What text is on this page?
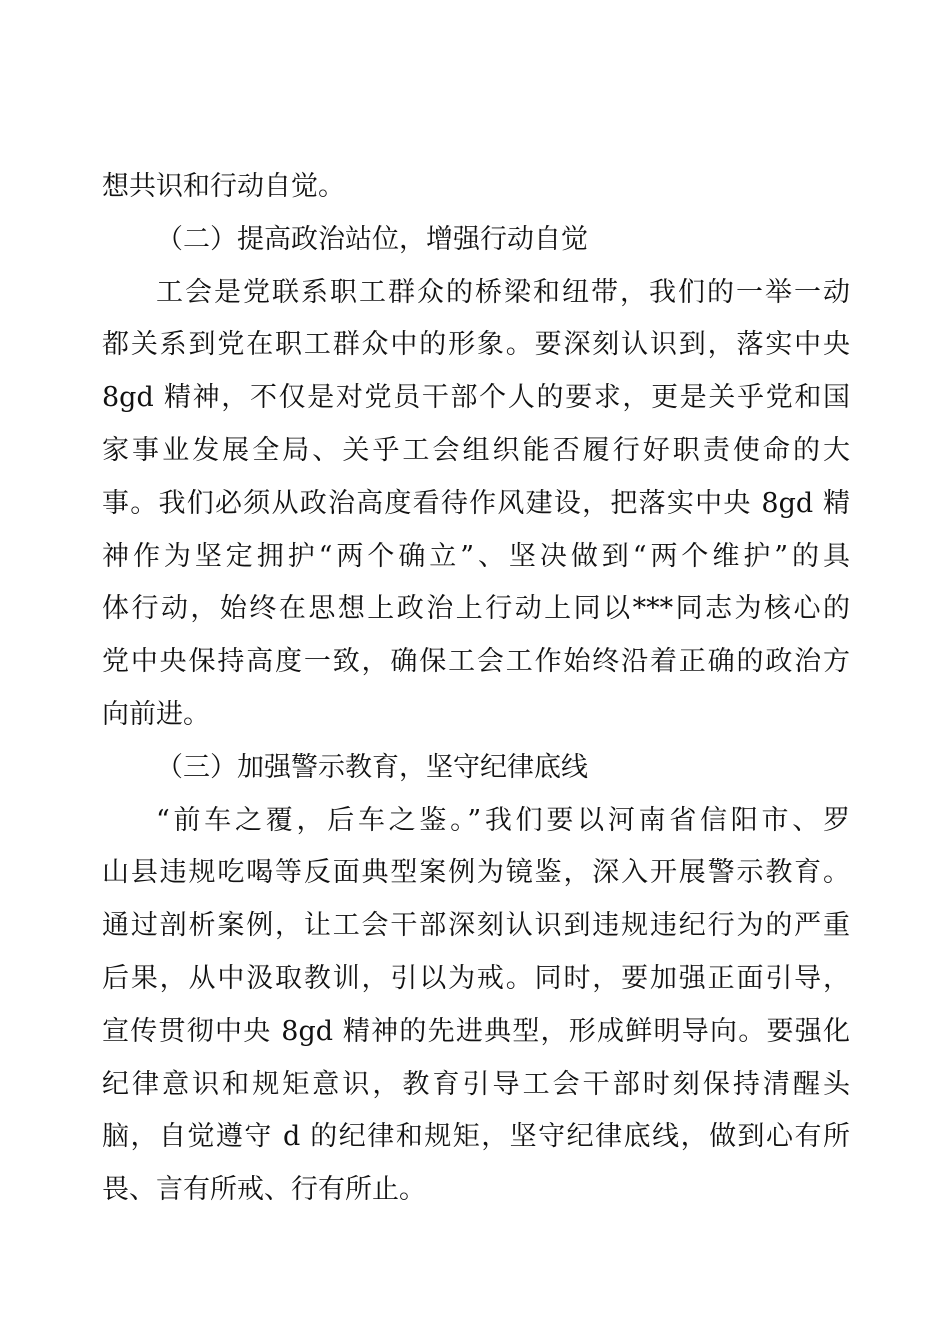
想共识和行动自觉。
（二）提高政治站位，增强行动自觉
工会是党联系职工群众的桥梁和纽带，我们的一举一动
都关系到党在职工群众中的形象。要深刻认识到，落实中央
8gd 精神，不仅是对党员干部个人的要求，更是关乎党和国
家事业发展全局、关乎工会组织能否履行好职责使命的大
事。我们必须从政治高度看待作风建设，把落实中央 8gd 精
神作为坚定拥护“两个确立”、坚决做到“两个维护”的具
体行动，始终在思想上政治上行动上同以***同志为核心的
党中央保持高度一致，确保工会工作始终沿着正确的政治方
向前进。
（三）加强警示教育，坚守纪律底线
“前车之覆，后车之鉴。”我们要以河南省信阳市、罗
山县违规吃喝等反面典型案例为镜鉴，深入开展警示教育。
通过剖析案例，让工会干部深刻认识到违规违纪行为的严重
后果，从中汲取教训，引以为戒。同时，要加强正面引导，
宣传贯彻中央 8gd 精神的先进典型，形成鲜明导向。要强化
纪律意识和规矩意识，教育引导工会干部时刻保持清醒头
脑，自觉遵守 d 的纪律和规矩，坚守纪律底线，做到心有所
畏、言有所戒、行有所止。
